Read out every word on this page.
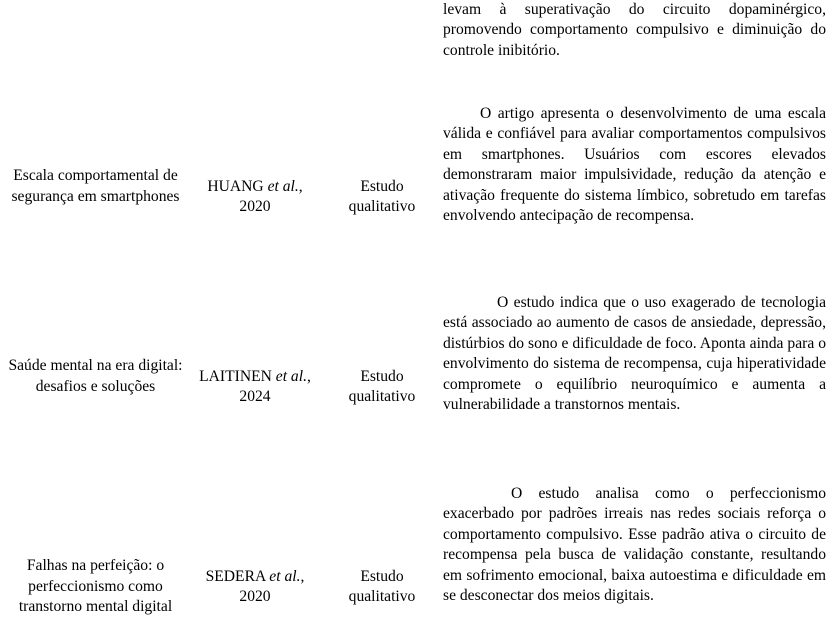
levam à superativação do circuito dopaminérgico, promovendo comportamento compulsivo e diminuição do controle inibitório.

Escala comportamental de segurança em smartphones
HUANG et al.,
2020
Estudo qualitativo

O artigo apresenta o desenvolvimento de uma escala válida e confiável para avaliar comportamentos compulsivos em smartphones. Usuários com escores elevados demonstraram maior impulsividade, redução da atenção e ativação frequente do sistema límbico, sobretudo em tarefas envolvendo antecipação de recompensa.

Saúde mental na era digital: desafios e soluções
LAITINEN et al.,
2024
Estudo qualitativo

O estudo indica que o uso exagerado de tecnologia está associado ao aumento de casos de ansiedade, depressão, distúrbios do sono e dificuldade de foco. Aponta ainda para o envolvimento do sistema de recompensa, cuja hiperatividade compromete o equilíbrio neuroquímico e aumenta a vulnerabilidade a transtornos mentais.

Falhas na perfeição: o perfeccionismo como transtorno mental digital
SEDERA et al.,
2020
Estudo qualitativo

O estudo analisa como o perfeccionismo exacerbado por padrões irreais nas redes sociais reforça o comportamento compulsivo. Esse padrão ativa o circuito de recompensa pela busca de validação constante, resultando em sofrimento emocional, baixa autoestima e dificuldade em se desconectar dos meios digitais.
